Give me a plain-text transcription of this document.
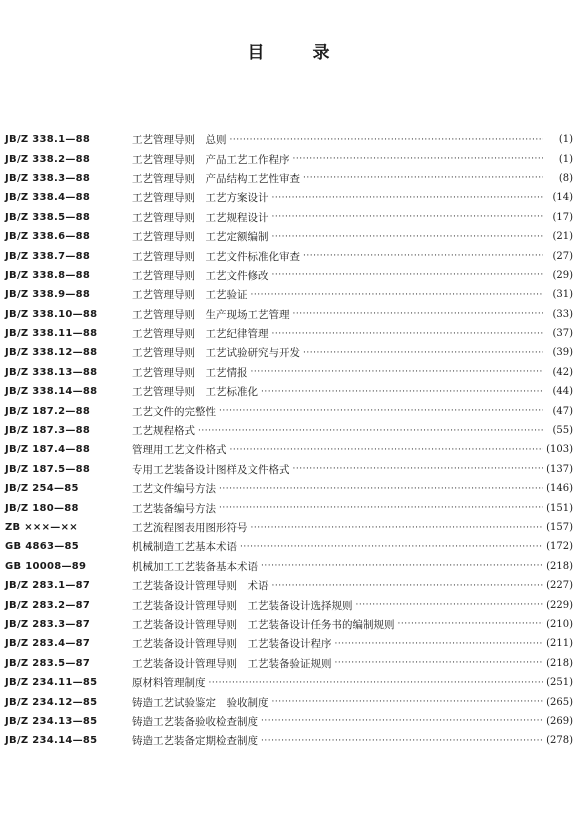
目	录
JB/Z 338.1—88	工艺管理导则　总则 ·····	(1)
JB/Z 338.2—88	工艺管理导则　产品工艺工作程序 ·····	(1)
JB/Z 338.3—88	工艺管理导则　产品结构工艺性审查 ·····	(8)
JB/Z 338.4—88	工艺管理导则　工艺方案设计 ·····	(14)
JB/Z 338.5—88	工艺管理导则　工艺规程设计 ·····	(17)
JB/Z 338.6—88	工艺管理导则　工艺定额编制 ·····	(21)
JB/Z 338.7—88	工艺管理导则　工艺文件标准化审查 ·····	(27)
JB/Z 338.8—88	工艺管理导则　工艺文件修改 ·····	(29)
JB/Z 338.9—88	工艺管理导则　工艺验证 ·····	(31)
JB/Z 338.10—88	工艺管理导则　生产现场工艺管理 ·····	(33)
JB/Z 338.11—88	工艺管理导则　工艺纪律管理 ·····	(37)
JB/Z 338.12—88	工艺管理导则　工艺试验研究与开发 ·····	(39)
JB/Z 338.13—88	工艺管理导则　工艺情报 ·····	(42)
JB/Z 338.14—88	工艺管理导则　工艺标准化 ·····	(44)
JB/Z 187.2—88	工艺文件的完整性 ·····	(47)
JB/Z 187.3—88	工艺规程格式 ·····	(55)
JB/Z 187.4—88	管理用工艺文件格式 ·····	(103)
JB/Z 187.5—88	专用工艺装备设计图样及文件格式 ·····	(137)
JB/Z 254—85	工艺文件编号方法 ·····	(146)
JB/Z 180—88	工艺装备编号方法 ·····	(151)
ZB ×××—××	工艺流程图表用图形符号 ·····	(157)
GB 4863—85	机械制造工艺基本术语 ·····	(172)
GB 10008—89	机械加工工艺装备基本术语 ·····	(218)
JB/Z 283.1—87	工艺装备设计管理导则　术语 ·····	(227)
JB/Z 283.2—87	工艺装备设计管理导则　工艺装备设计选择规则 ·····	(229)
JB/Z 283.3—87	工艺装备设计管理导则　工艺装备设计任务书的编制规则 ·····	(210)
JB/Z 283.4—87	工艺装备设计管理导则　工艺装备设计程序 ·····	(211)
JB/Z 283.5—87	工艺装备设计管理导则　工艺装备验证规则 ·····	(218)
JB/Z 234.11—85	原材料管理制度 ·····	(251)
JB/Z 234.12—85	铸造工艺试验鉴定　验收制度 ·····	(265)
JB/Z 234.13—85	铸造工艺装备验收检查制度 ·····	(269)
JB/Z 234.14—85	铸造工艺装备定期检查制度 ·····	(278)
